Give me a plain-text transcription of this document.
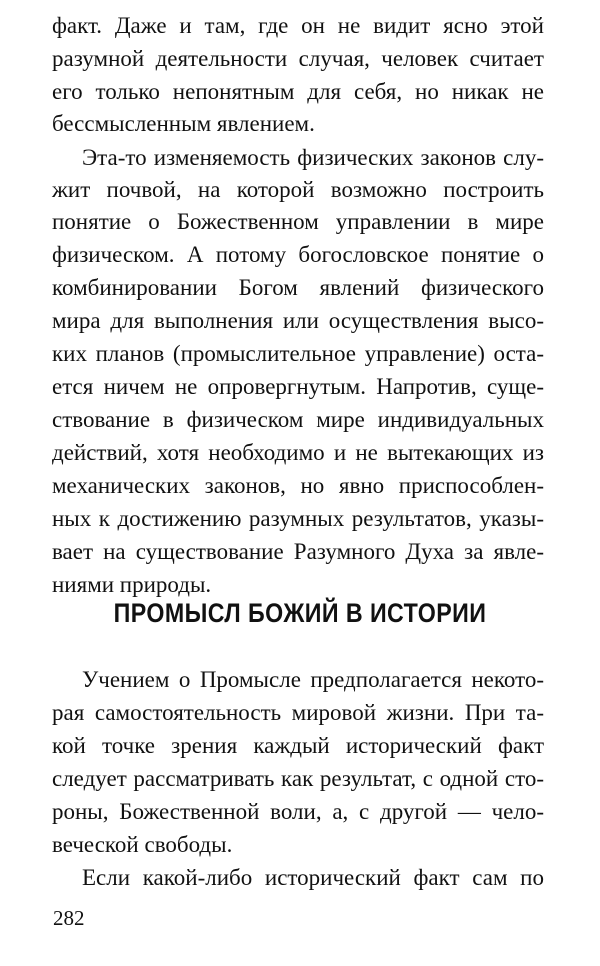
факт. Даже и там, где он не видит ясно этой

разумной деятельности случая, человек считает

его только непонятным для себя, но никак не

бессмысленным явлением.

Эта-то изменяемость физических законов слу-

жит почвой, на которой возможно построить

понятие о Божественном управлении в мире

физическом. А потому богословское понятие о

комбинировании Богом явлений физического

мира для выполнения или осуществления высо-

ких планов (промыслительное управление) оста-

ется ничем не опровергнутым. Напротив, суще-

ствование в физическом мире индивидуальных

действий, хотя необходимо и не вытекающих из

механических законов, но явно приспособлен-

ных к достижению разумных результатов, указы-

вает на существование Разумного Духа за явле-

ниями природы.

ПРОМЫСЛ БОЖИЙ В ИСТОРИИ

Учением о Промысле предполагается некото-

рая самостоятельность мировой жизни. При та-

кой точке зрения каждый исторический факт

следует рассматривать как результат, с одной сто-

роны, Божественной воли, а, с другой — чело-

веческой свободы.

Если какой-либо исторический факт сам по

282
